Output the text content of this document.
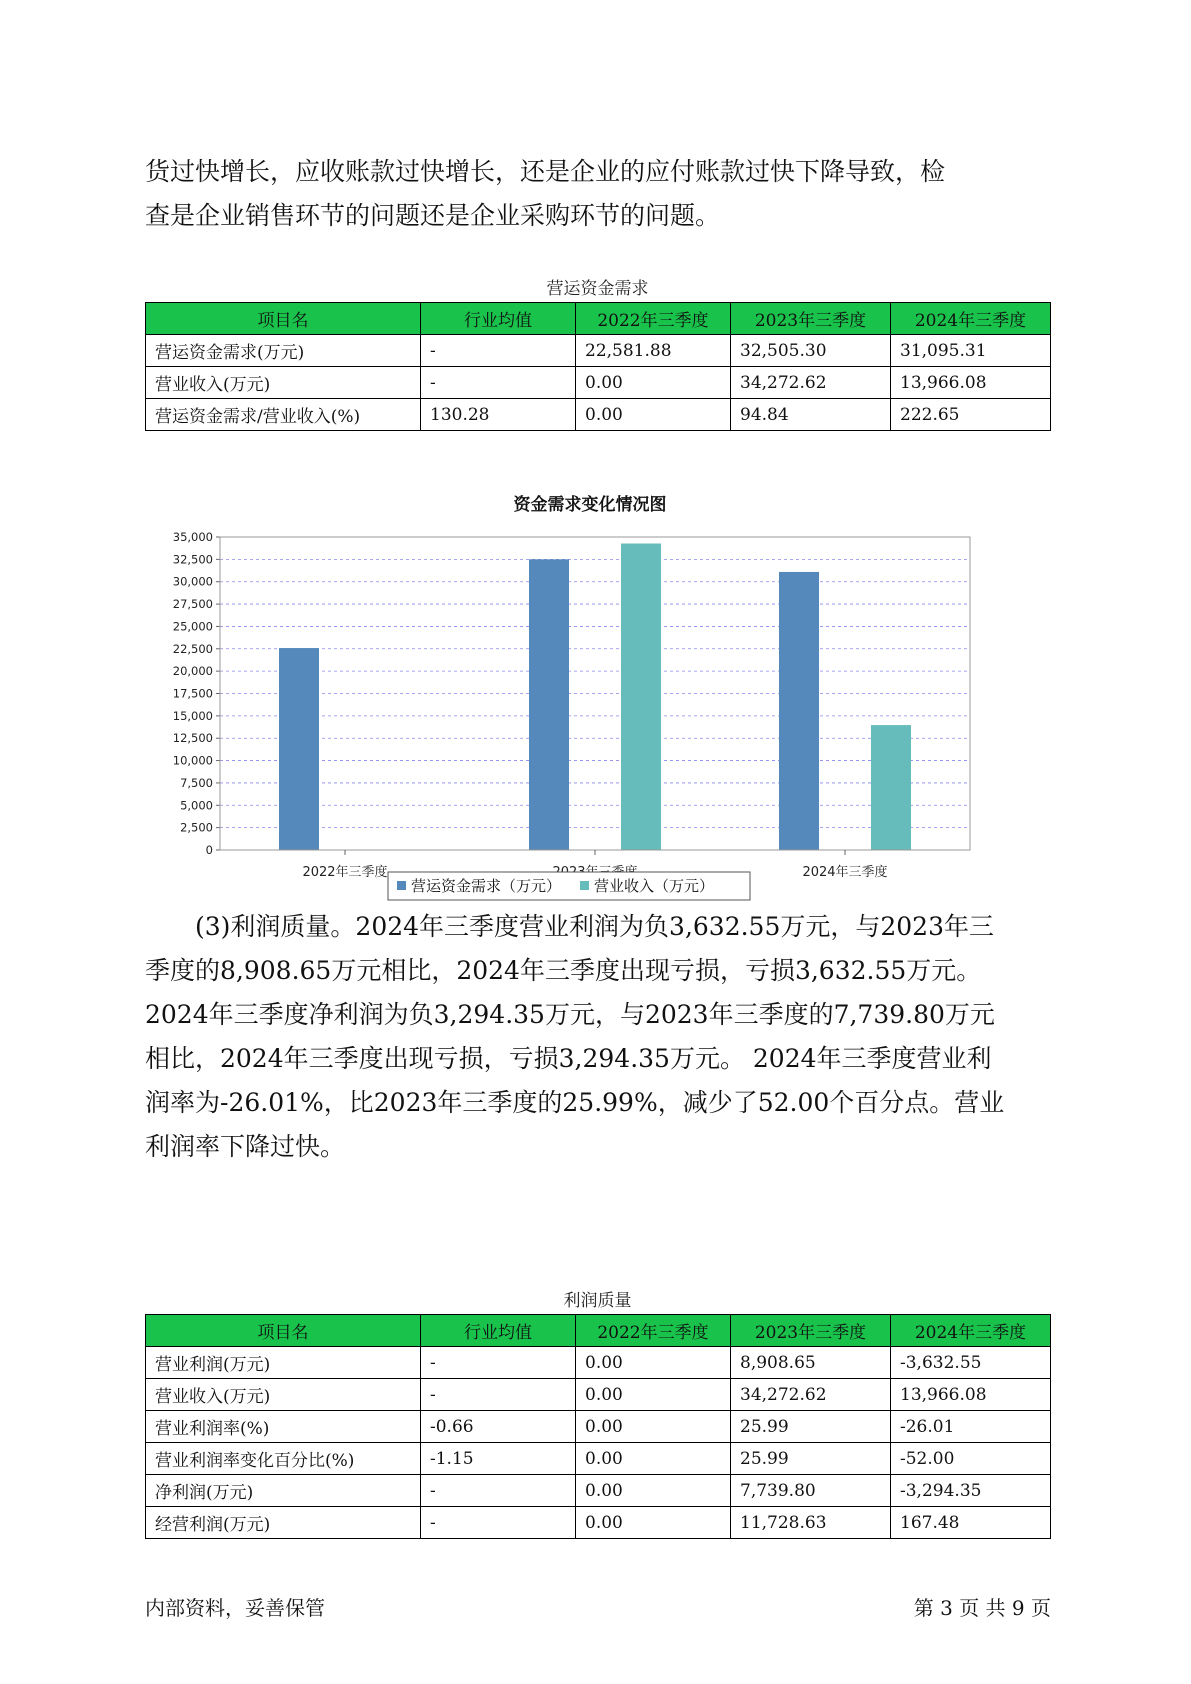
货过快增长，应收账款过快增长，还是企业的应付账款过快下降导致，检
查是企业销售环节的问题还是企业采购环节的问题。
营运资金需求
项目名	行业均值	2022年三季度	2023年三季度	2024年三季度
营运资金需求(万元)	-	22,581.88	32,505.30	31,095.31
营业收入(万元)	-	0.00	34,272.62	13,966.08
营运资金需求/营业收入(%)	130.28	0.00	94.84	222.65
资金需求变化情况图
0
2,500
5,000
7,500
10,000
12,500
15,000
17,500
20,000
22,500
25,000
27,500
30,000
32,500
35,000
2022年三季度	2024年三季度
营运资金需求（万元） 营业收入（万元）
(3)利润质量。2024年三季度营业利润为负3,632.55万元，与2023年三
季度的8,908.65万元相比，2024年三季度出现亏损，亏损3,632.55万元。
2024年三季度净利润为负3,294.35万元，与2023年三季度的7,739.80万元
相比，2024年三季度出现亏损，亏损3,294.35万元。 2024年三季度营业利
润率为-26.01%，比2023年三季度的25.99%，减少了52.00个百分点。营业
利润率下降过快。
利润质量
项目名	行业均值	2022年三季度	2023年三季度	2024年三季度
营业利润(万元)	-	0.00	8,908.65	-3,632.55
营业收入(万元)	-	0.00	34,272.62	13,966.08
营业利润率(%)	-0.66	0.00	25.99	-26.01
营业利润率变化百分比(%)	-1.15	0.00	25.99	-52.00
净利润(万元)	-	0.00	7,739.80	-3,294.35
经营利润(万元)	-	0.00	11,728.63	167.48
内部资料，妥善保管	第 3 页 共 9 页
